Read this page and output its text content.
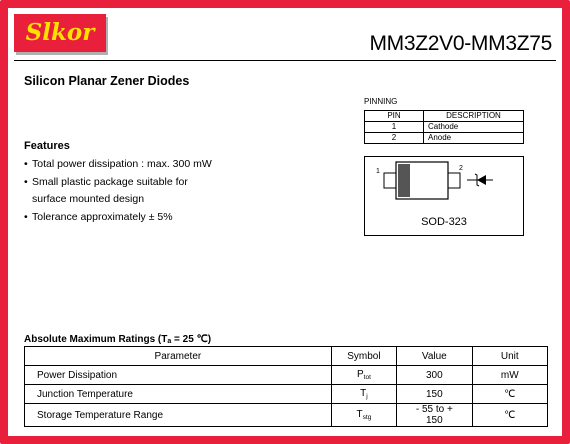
Slkor	MM3Z2V0-MM3Z75
Silicon Planar Zener Diodes
Features
• Total power dissipation : max. 300 mW
• Small plastic package suitable for
surface mounted design
• Tolerance approximately ± 5%
PINNING
PIN	DESCRIPTION
1	Cathode
2	Anode
1	2
SOD-323
Absolute Maximum Ratings (Ta = 25 ℃)
Parameter	Symbol	Value	Unit
Power Dissipation	$P_{tot}$	300	mW
Junction Temperature	$T_j$	150	℃
Storage Temperature Range	$T_{stg}$	- 55 to + 150	℃
